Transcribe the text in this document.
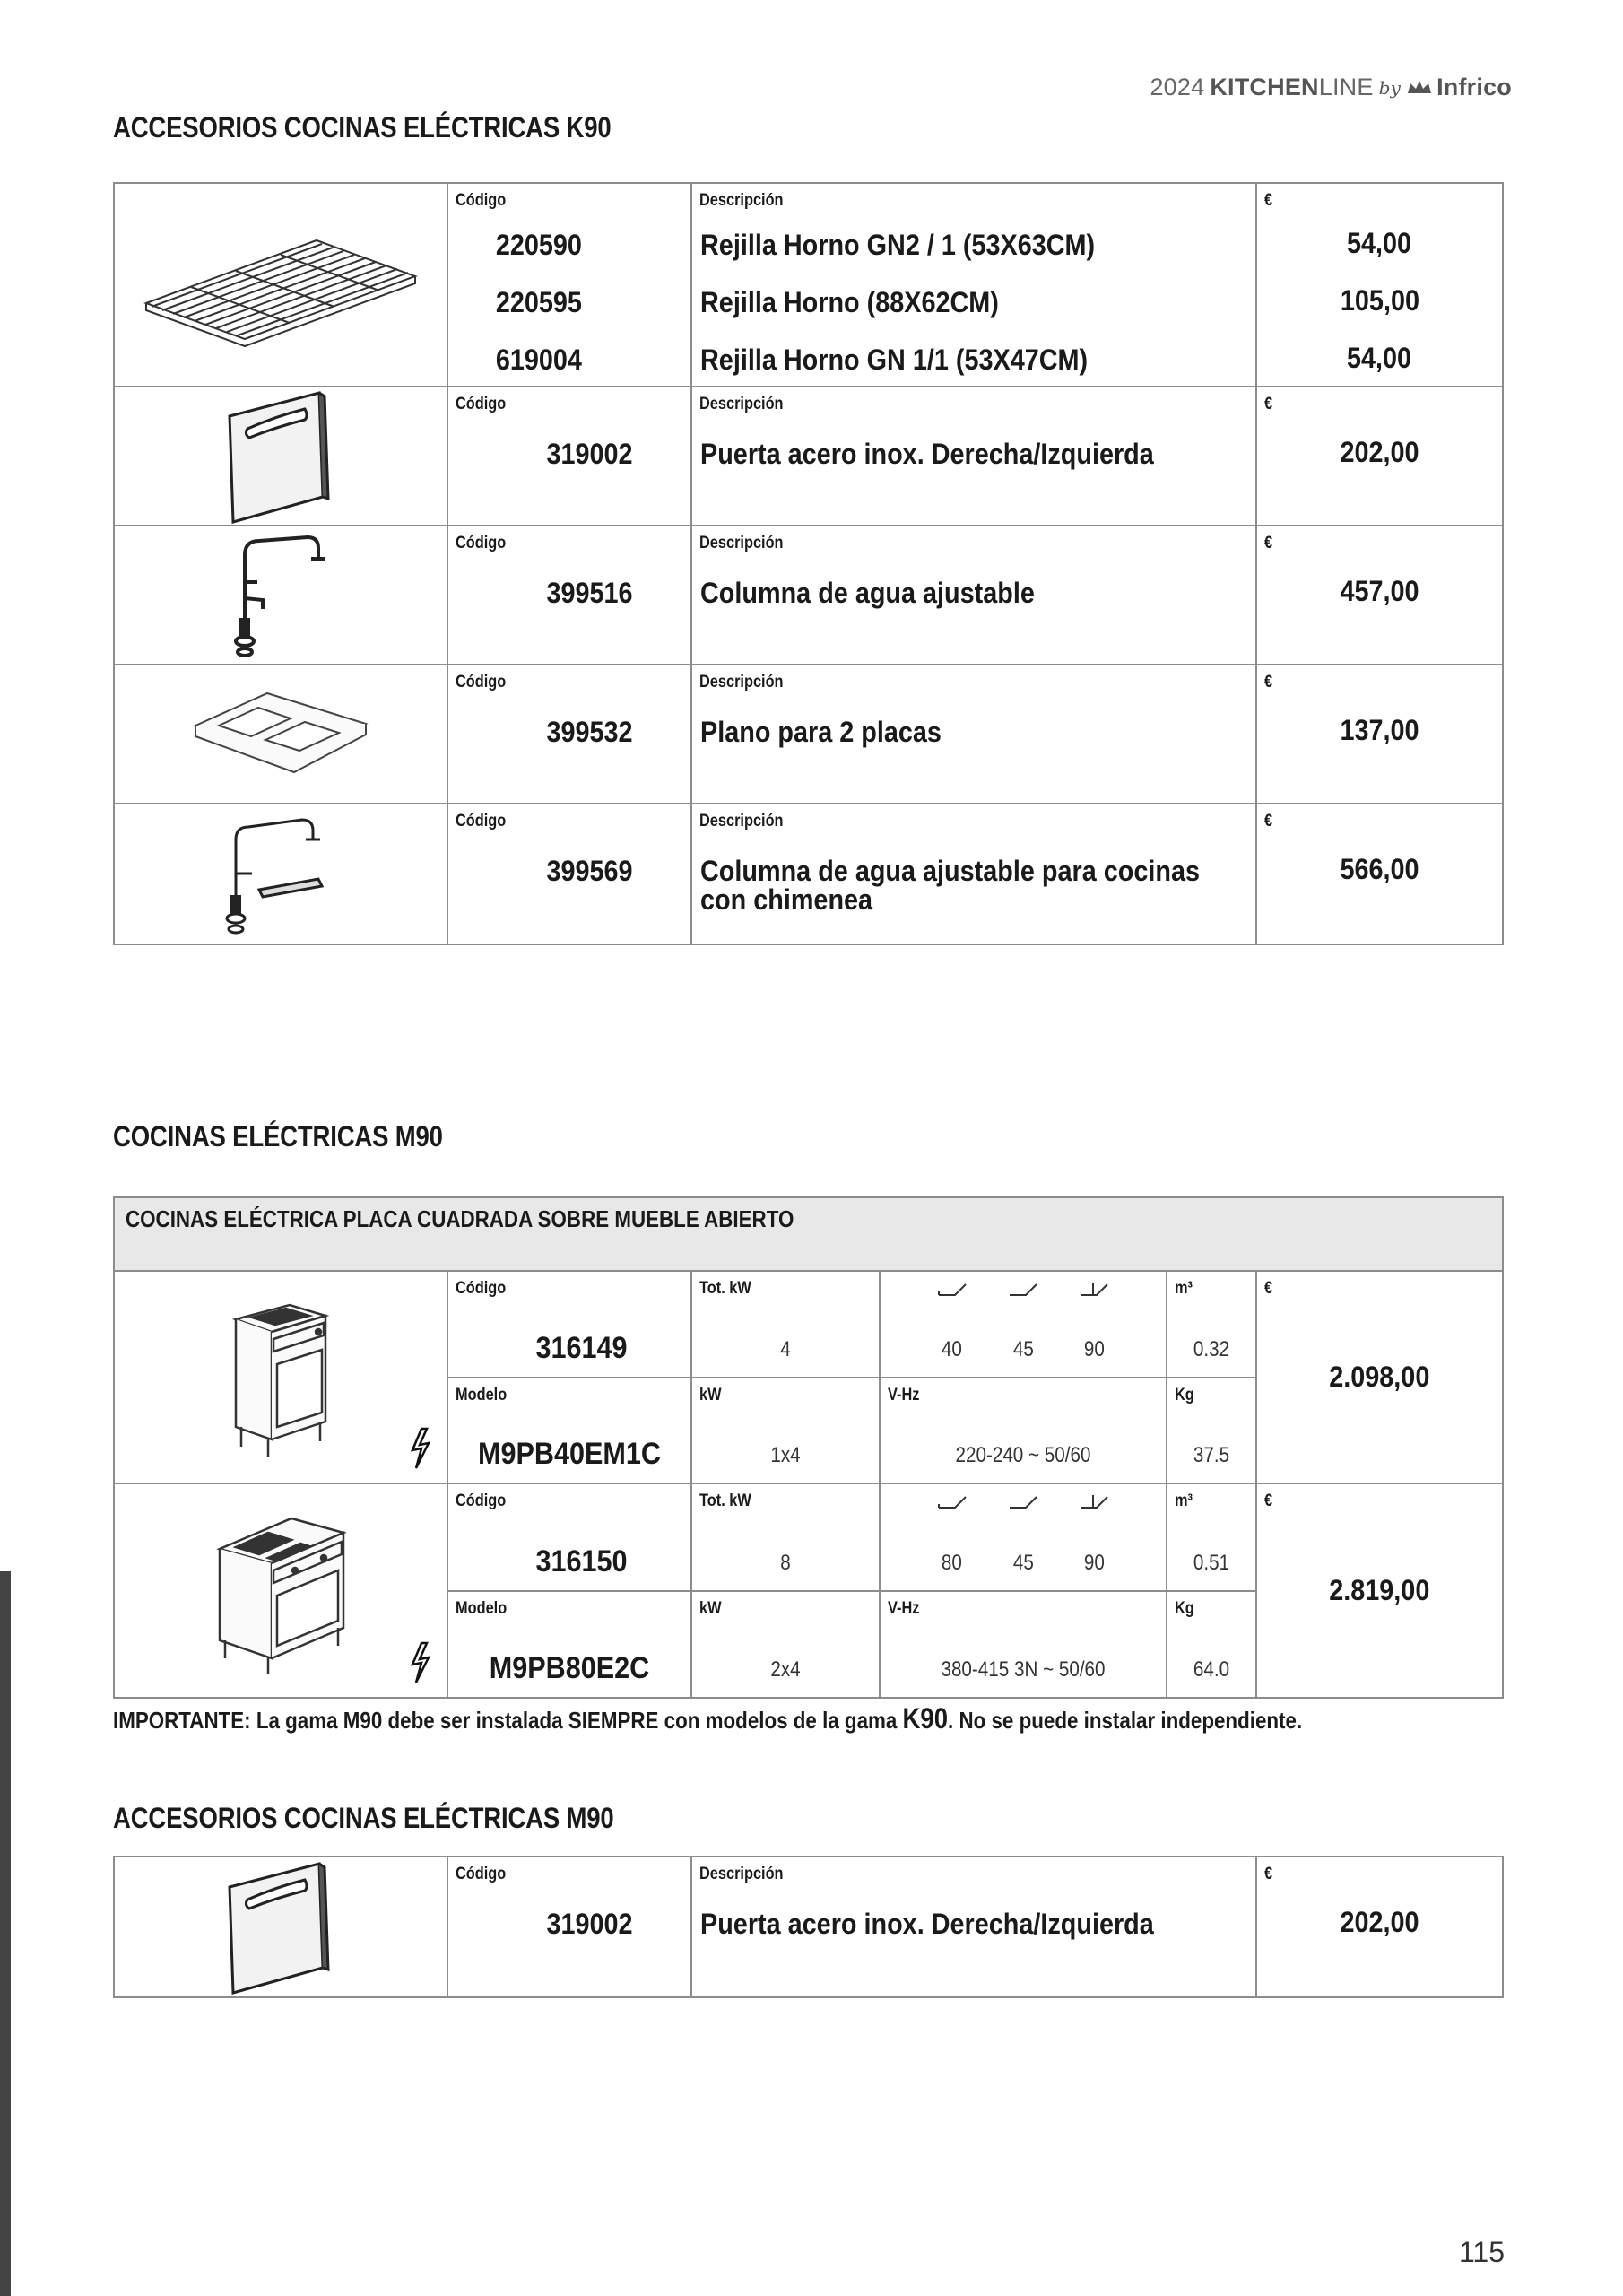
2024 KITCHENLINE by Infrico
ACCESORIOS COCINAS ELÉCTRICAS K90
Código
220590
220595
619004
Descripción
Rejilla Horno GN2 / 1 (53X63CM)
Rejilla Horno (88X62CM)
Rejilla Horno GN 1/1 (53X47CM)
€
54,00
105,00
54,00
Código
319002
Descripción
Puerta acero inox. Derecha/Izquierda
€
202,00
Código
399516
Descripción
Columna de agua ajustable
€
457,00
Código
399532
Descripción
Plano para 2 placas
€
137,00
Código
399569
Descripción
Columna de agua ajustable para cocinas con chimenea
€
566,00
COCINAS ELÉCTRICAS M90
COCINAS ELÉCTRICA PLACA CUADRADA SOBRE MUEBLE ABIERTO
Código
316149
Tot. kW
4	40 45 90
m³
0.32
Modelo
M9PB40EM1C
kW
1x4
V-Hz
220-240 ~ 50/60
Kg
37.5
€
2.098,00
Código
316150
Tot. kW
8	80 45 90
m³
0.51
Modelo
M9PB80E2C
kW
2x4
V-Hz
380-415 3N ~ 50/60
Kg
64.0
€
2.819,00
IMPORTANTE: La gama M90 debe ser instalada SIEMPRE con modelos de la gama K90. No se puede instalar independiente.
ACCESORIOS COCINAS ELÉCTRICAS M90
Código
319002
Descripción
Puerta acero inox. Derecha/Izquierda
€
202,00
115
